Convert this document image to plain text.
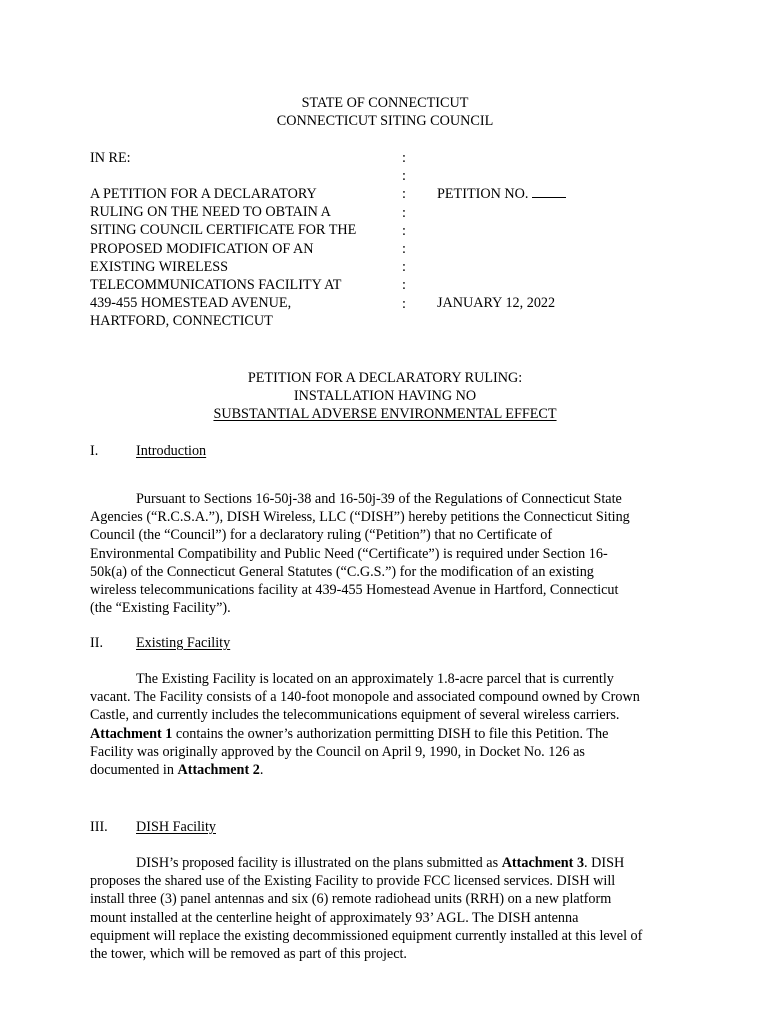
STATE OF CONNECTICUT
CONNECTICUT SITING COUNCIL
IN RE:
A PETITION FOR A DECLARATORY
RULING ON THE NEED TO OBTAIN A
SITING COUNCIL CERTIFICATE FOR THE
PROPOSED MODIFICATION OF AN
EXISTING WIRELESS
TELECOMMUNICATIONS FACILITY AT
439-455 HOMESTEAD AVENUE,
HARTFORD, CONNECTICUT
:
:
:
:
:
:
:
:
:
PETITION NO.
JANUARY 12, 2022
PETITION FOR A DECLARATORY RULING:
INSTALLATION HAVING NO
SUBSTANTIAL ADVERSE ENVIRONMENTAL EFFECT
I.	Introduction
Pursuant to Sections 16-50j-38 and 16-50j-39 of the Regulations of Connecticut State
Agencies (“R.C.S.A.”), DISH Wireless, LLC (“DISH”) hereby petitions the Connecticut Siting
Council (the “Council”) for a declaratory ruling (“Petition”) that no Certificate of
Environmental Compatibility and Public Need (“Certificate”) is required under Section 16-
50k(a) of the Connecticut General Statutes (“C.G.S.”) for the modification of an existing
wireless telecommunications facility at 439-455 Homestead Avenue in Hartford, Connecticut
(the “Existing Facility”).
II. Existing Facility
The Existing Facility is located on an approximately 1.8-acre parcel that is currently
vacant. The Facility consists of a 140-foot monopole and associated compound owned by Crown
Castle, and currently includes the telecommunications equipment of several wireless carriers.
Attachment 1 contains the owner’s authorization permitting DISH to file this Petition. The
Facility was originally approved by the Council on April 9, 1990, in Docket No. 126 as
documented in Attachment 2.
III. DISH Facility
DISH’s proposed facility is illustrated on the plans submitted as Attachment 3. DISH
proposes the shared use of the Existing Facility to provide FCC licensed services. DISH will
install three (3) panel antennas and six (6) remote radiohead units (RRH) on a new platform
mount installed at the centerline height of approximately 93’ AGL. The DISH antenna
equipment will replace the existing decommissioned equipment currently installed at this level of
the tower, which will be removed as part of this project.
